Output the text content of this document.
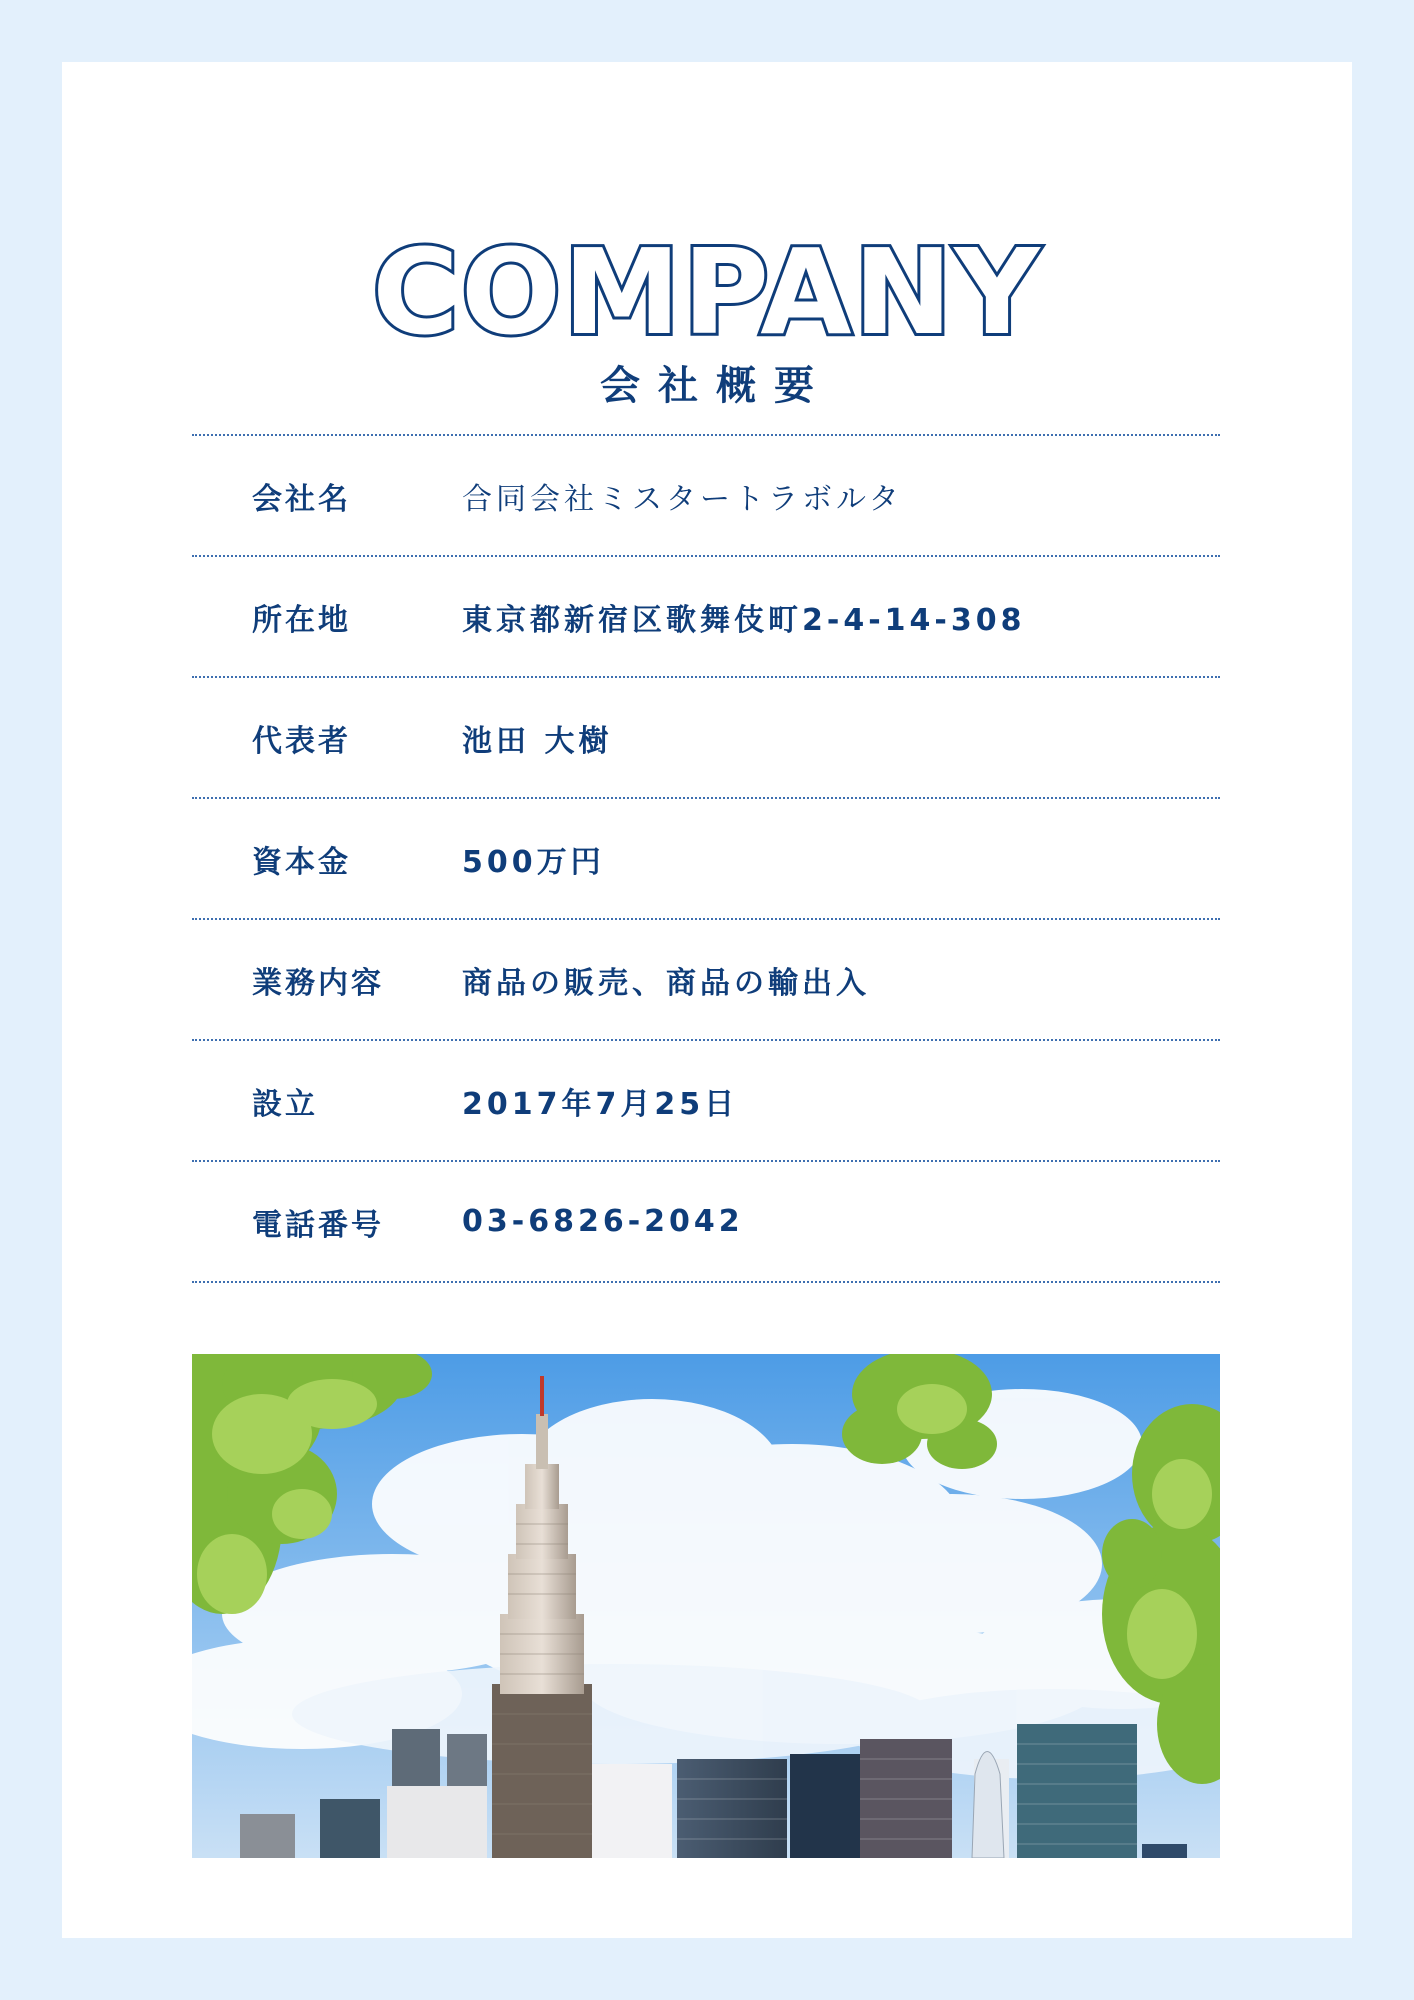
COMPANY
会社概要
会社名	合同会社ミスタートラボルタ
所在地	東京都新宿区歌舞伎町2-4-14-308
代表者	池田 大樹
資本金	500万円
業務内容	商品の販売、商品の輸出入
設立	2017年7月25日
電話番号	03-6826-2042
